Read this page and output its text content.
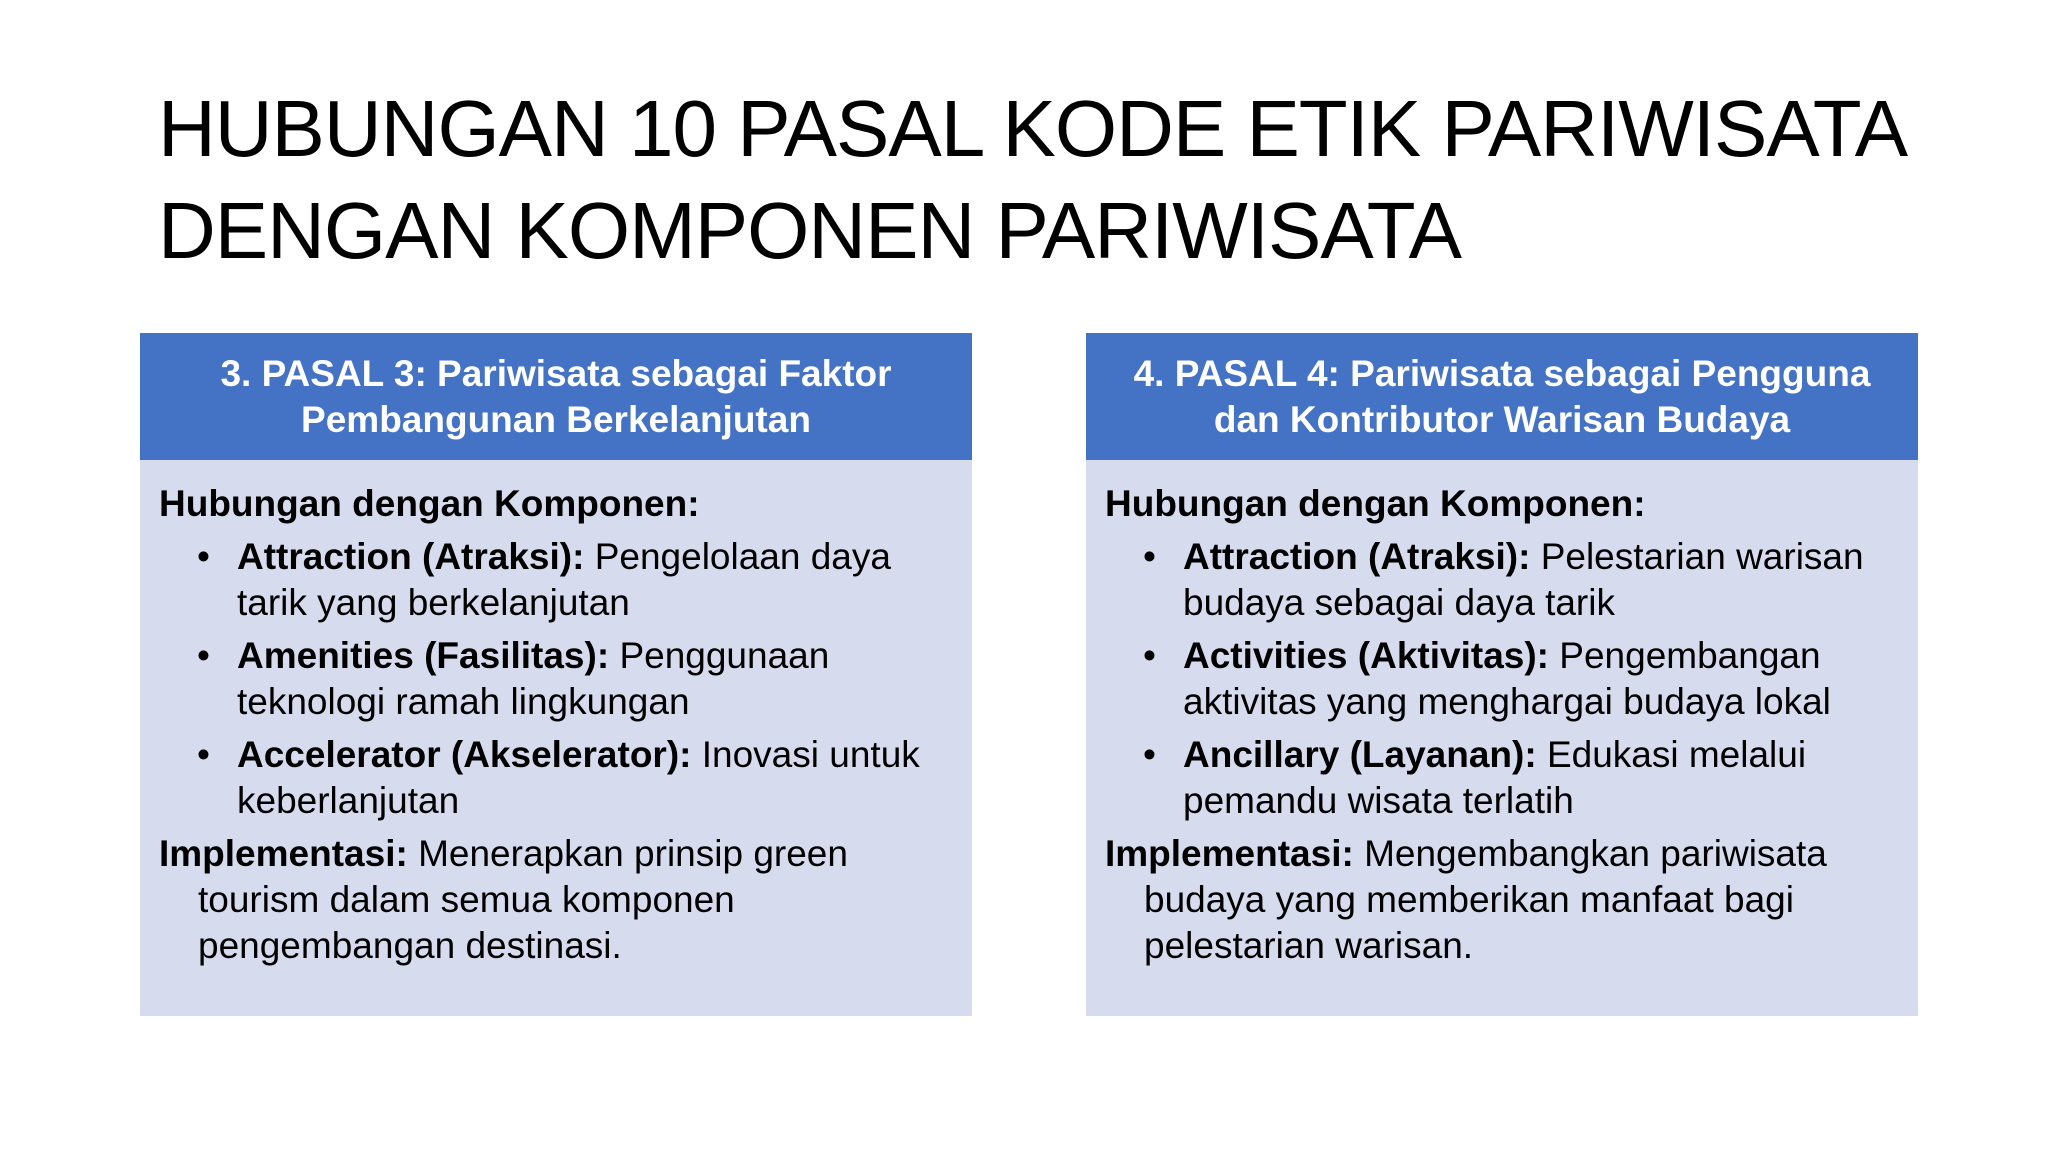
HUBUNGAN 10 PASAL KODE ETIK PARIWISATA
DENGAN KOMPONEN PARIWISATA
3. PASAL 3: Pariwisata sebagai Faktor
Pembangunan Berkelanjutan
Hubungan dengan Komponen:
• Attraction (Atraksi): Pengelolaan daya tarik yang berkelanjutan
• Amenities (Fasilitas): Penggunaan teknologi ramah lingkungan
• Accelerator (Akselerator): Inovasi untuk keberlanjutan

Implementasi: Menerapkan prinsip green tourism dalam semua komponen pengembangan destinasi.

4. PASAL 4: Pariwisata sebagai Pengguna
dan Kontributor Warisan Budaya
Hubungan dengan Komponen:
• Attraction (Atraksi): Pelestarian warisan budaya sebagai daya tarik
• Activities (Aktivitas): Pengembangan aktivitas yang menghargai budaya lokal
• Ancillary (Layanan): Edukasi melalui pemandu wisata terlatih

Implementasi: Mengembangkan pariwisata budaya yang memberikan manfaat bagi pelestarian warisan.
